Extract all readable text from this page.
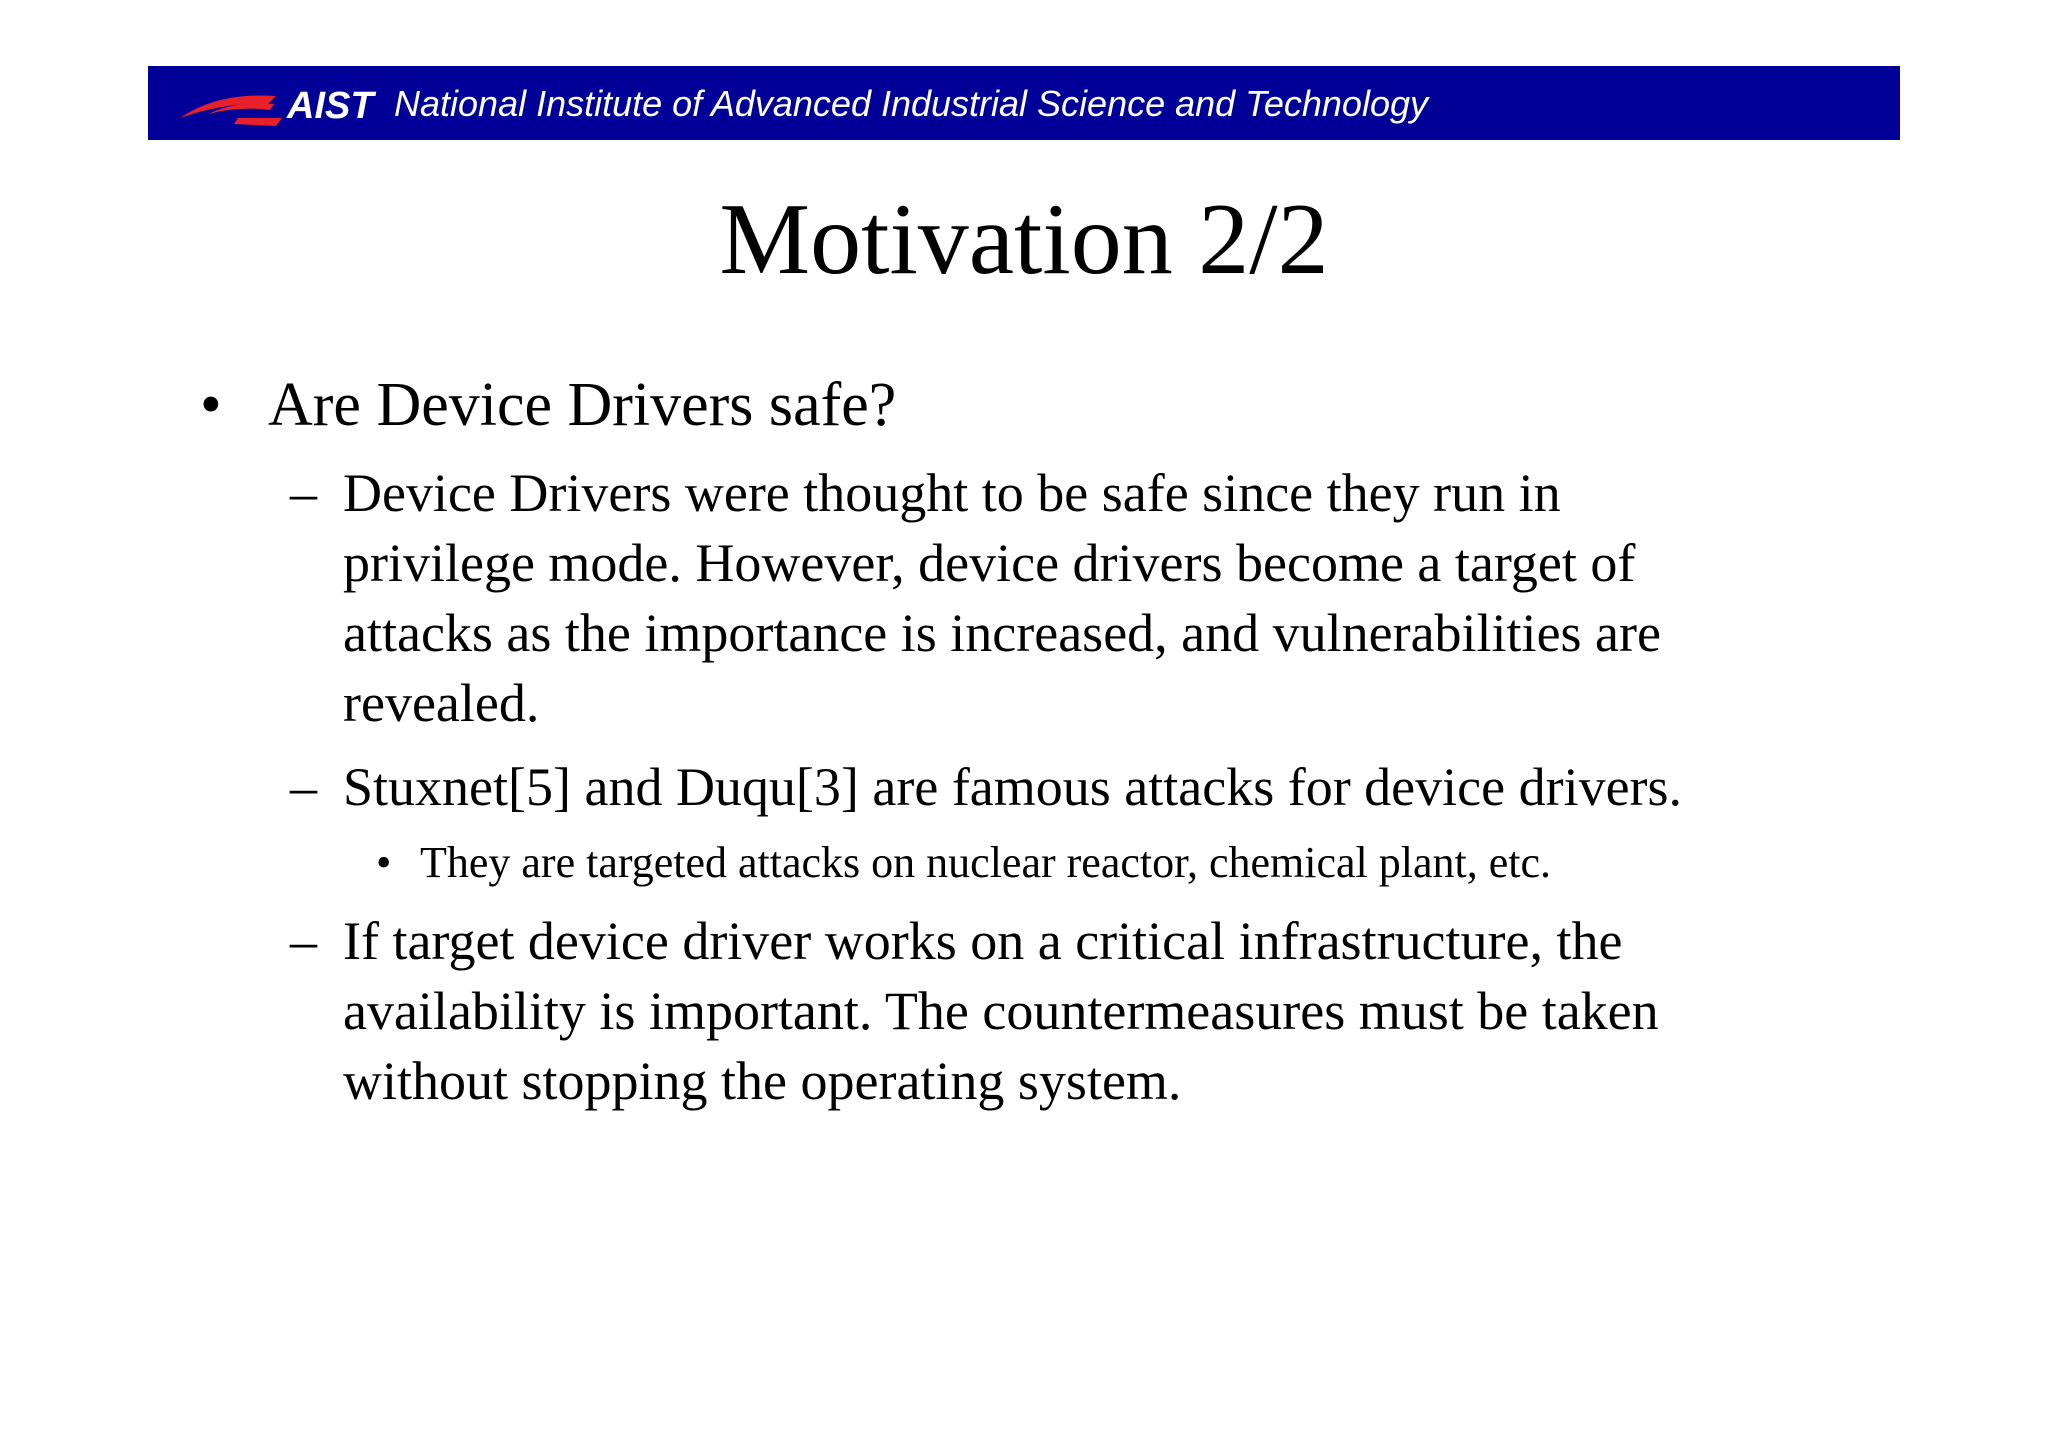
AIST National Institute of Advanced Industrial Science and Technology
Motivation 2/2
• Are Device Drivers safe?
– Device Drivers were thought to be safe since they run in
privilege mode. However, device drivers become a target of
attacks as the importance is increased, and vulnerabilities are
revealed.
– Stuxnet[5] and Duqu[3] are famous attacks for device drivers.
• They are targeted attacks on nuclear reactor, chemical plant, etc.
– If target device driver works on a critical infrastructure, the
availability is important. The countermeasures must be taken
without stopping the operating system.
